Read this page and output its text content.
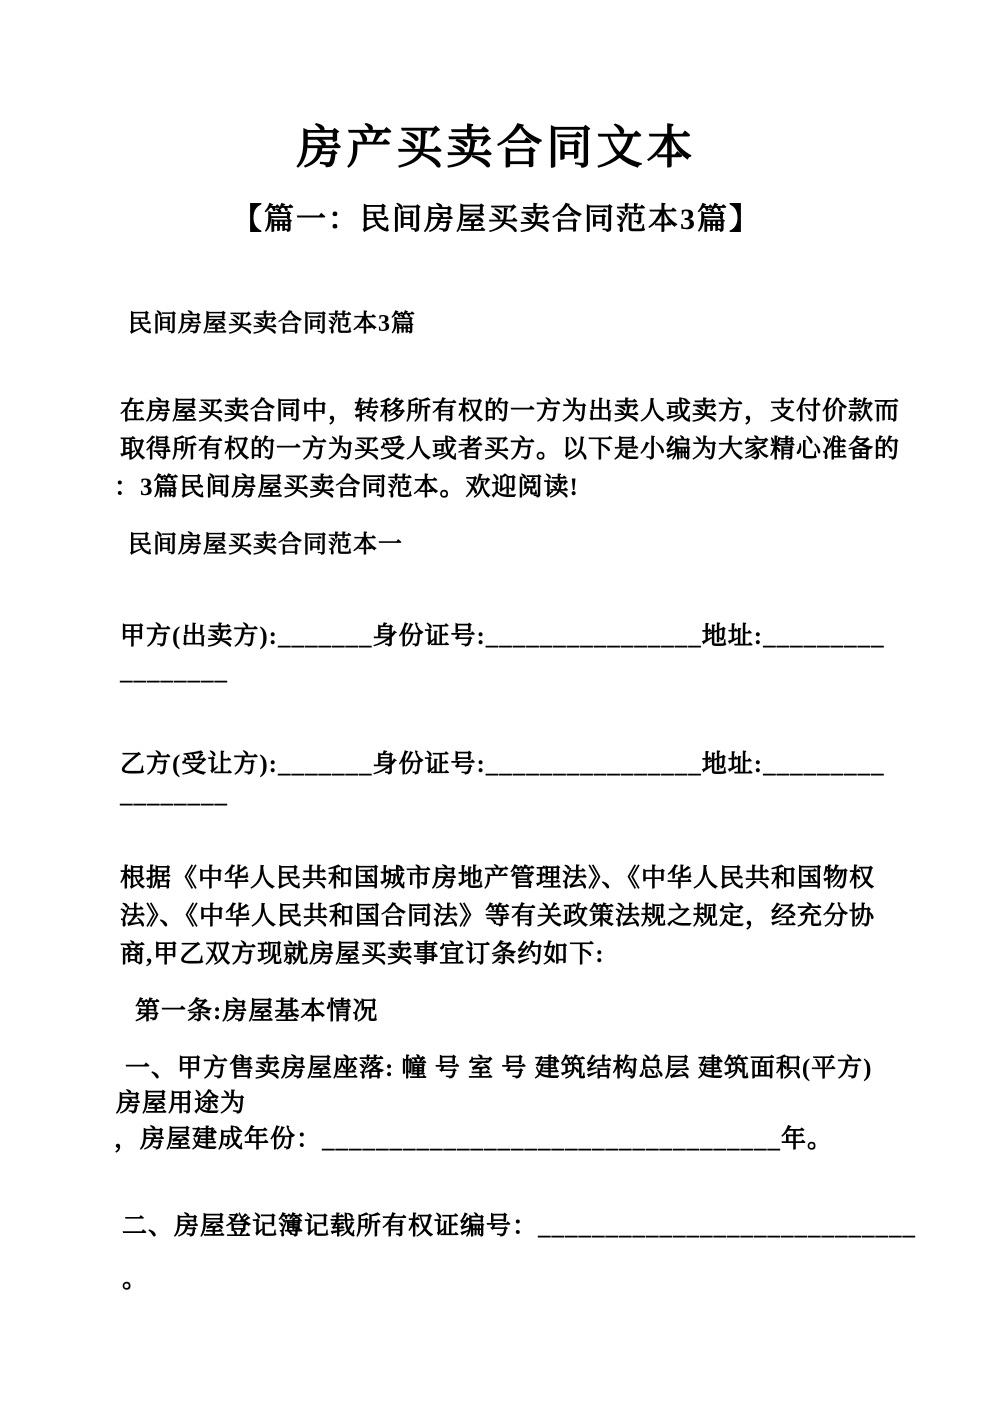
房产买卖合同文本
【篇一：民间房屋买卖合同范本3篇】
民间房屋买卖合同范本3篇
在房屋买卖合同中，转移所有权的一方为出卖人或卖方，支付价款而
取得所有权的一方为买受人或者买方。以下是小编为大家精心准备的
：3篇民间房屋买卖合同范本。欢迎阅读!
民间房屋买卖合同范本一
甲方(出卖方):_______身份证号:________________地址:_________
________
乙方(受让方):_______身份证号:________________地址:_________
________
根据《中华人民共和国城市房地产管理法》、《中华人民共和国物权
法》、《中华人民共和国合同法》等有关政策法规之规定，经充分协
商,甲乙双方现就房屋买卖事宜订条约如下:
第一条:房屋基本情况
一、甲方售卖房屋座落: 幢 号 室 号 建筑结构总层 建筑面积(平方)
房屋用途为
，房屋建成年份：__________________________________年。
二、房屋登记簿记载所有权证编号：____________________________
。
